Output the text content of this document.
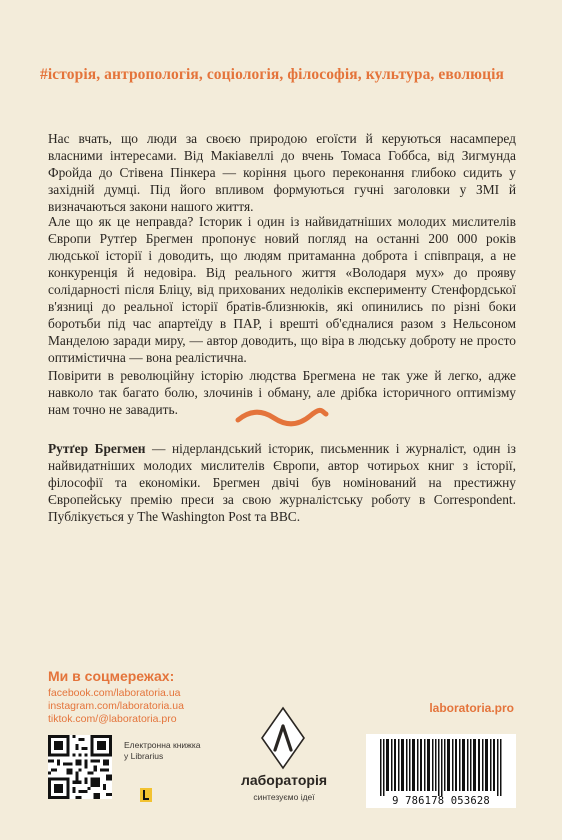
#історія, антропологія, соціологія, філософія, культура, еволюція

Нас вчать, що люди за своєю природою егоїсти й керуються насамперед власними інтересами. Від Макіавеллі до вчень Томаса Гоббса, від Зигмунда Фройда до Стівена Пінкера — коріння цього переконання глибоко сидить у західній думці. Під його впливом формуються гучні заголовки у ЗМІ й визначаються закони нашого життя.

Але що як це неправда? Історик і один із найвидатніших молодих мислителів Європи Рутґер Брегмен пропонує новий погляд на останні 200 000 років людської історії і доводить, що людям притаманна доброта і співпраця, а не конкуренція й недовіра. Від реального життя «Володаря мух» до прояву солідарності після Бліцу, від прихованих недоліків експерименту Стенфордської в'язниці до реальної історії братів-близнюків, які опинились по різні боки боротьби під час апартеїду в ПАР, і врешті об'єдналися разом з Нельсоном Манделою заради миру, — автор доводить, що віра в людську доброту не просто оптимістична — вона реалістична.

Повірити в революційну історію людства Брегмена не так уже й легко, адже навколо так багато болю, злочинів і обману, але дрібка історичного оптимізму нам точно не завадить.

Рутґер Брегмен — нідерландський історик, письменник і журналіст, один із найвидатніших молодих мислителів Європи, автор чотирьох книг з історії, філософії та економіки. Брегмен двічі був номінований на престижну Європейську премію преси за свою журналістську роботу в Correspondent. Публікується у The Washington Post та BBC.

Ми в соцмережах:
facebook.com/laboratoria.ua
instagram.com/laboratoria.ua
tiktok.com/@laboratoria.pro
laboratoria.pro
Електронна книжка у Librarius
лабораторія
синтезуємо ідеї	9 786178 053628
